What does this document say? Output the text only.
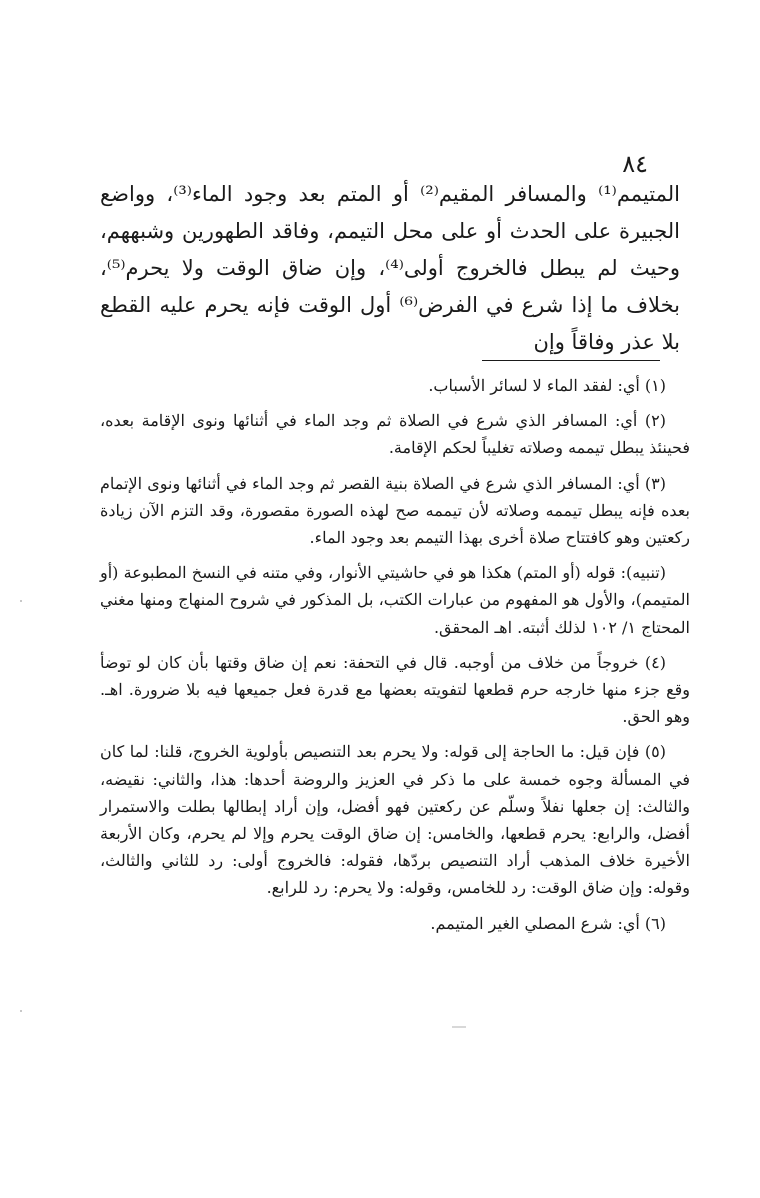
٨٤

المتيمم⁽¹⁾ والمسافر المقيم⁽²⁾ أو المتم بعد وجود الماء⁽³⁾، وواضع الجبيرة على الحدث أو على محل التيمم، وفاقد الطهورين وشبههم، وحيث لم يبطل فالخروج أولى⁽⁴⁾، وإن ضاق الوقت ولا يحرم⁽⁵⁾، بخلاف ما إذا شرع في الفرض⁽⁶⁾ أول الوقت فإنه يحرم عليه القطع بلا عذر وفاقاً وإن

(١) أي: لفقد الماء لا لسائر الأسباب.

(٢) أي: المسافر الذي شرع في الصلاة ثم وجد الماء في أثنائها ونوى الإقامة بعده، فحينئذ يبطل تيممه وصلاته تغليباً لحكم الإقامة.

(٣) أي: المسافر الذي شرع في الصلاة بنية القصر ثم وجد الماء في أثنائها ونوى الإتمام بعده فإنه يبطل تيممه وصلاته لأن تيممه صح لهذه الصورة مقصورة، وقد التزم الآن زيادة ركعتين وهو كافتتاح صلاة أخرى بهذا التيمم بعد وجود الماء.

(تنبيه): قوله (أو المتم) هكذا هو في حاشيتي الأنوار، وفي متنه في النسخ المطبوعة (أو المتيمم)، والأول هو المفهوم من عبارات الكتب، بل المذكور في شروح المنهاج ومنها مغني المحتاج ١/ ١٠٢ لذلك أثبته. اهـ المحقق.

(٤) خروجاً من خلاف من أوجبه. قال في التحفة: نعم إن ضاق وقتها بأن كان لو توضأ وقع جزء منها خارجه حرم قطعها لتفويته بعضها مع قدرة فعل جميعها فيه بلا ضرورة. اهـ. وهو الحق.

(٥) فإن قيل: ما الحاجة إلى قوله: ولا يحرم بعد التنصيص بأولوية الخروج، قلنا: لما كان في المسألة وجوه خمسة على ما ذكر في العزيز والروضة أحدها: هذا، والثاني: نقيضه، والثالث: إن جعلها نفلاً وسلّم عن ركعتين فهو أفضل، وإن أراد إبطالها بطلت والاستمرار أفضل، والرابع: يحرم قطعها، والخامس: إن ضاق الوقت يحرم وإلا لم يحرم، وكان الأربعة الأخيرة خلاف المذهب أراد التنصيص بردّها، فقوله: فالخروج أولى: رد للثاني والثالث، وقوله: وإن ضاق الوقت: رد للخامس، وقوله: ولا يحرم: رد للرابع.

(٦) أي: شرع المصلي الغير المتيمم.
